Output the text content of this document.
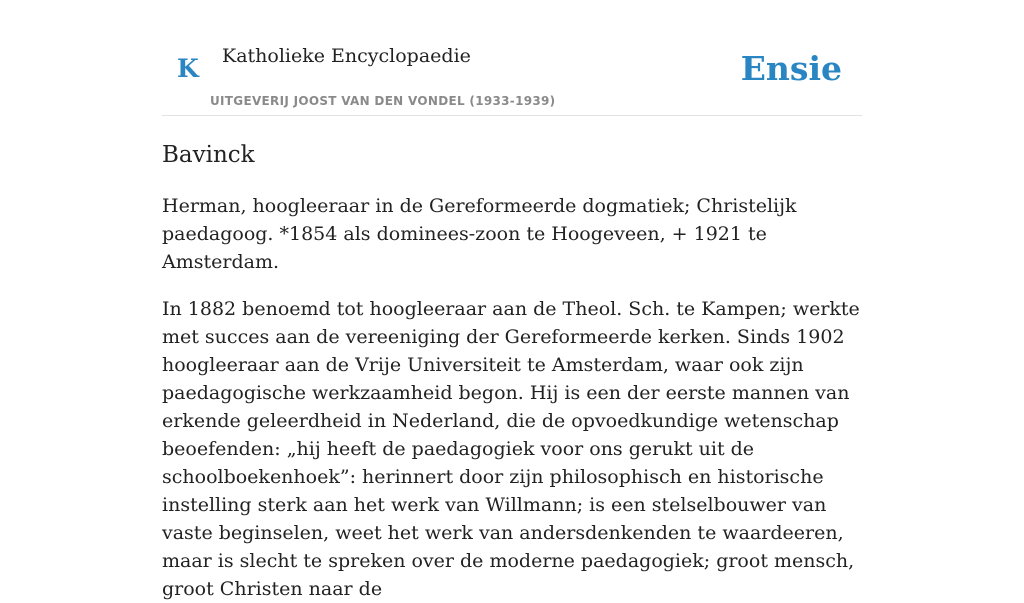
K Katholieke Encyclopaedie
UITGEVERIJ JOOST VAN DEN VONDEL (1933-1939)
Ensie
Bavinck

Herman, hoogleeraar in de Gereformeerde dogmatiek; Christelijk paedagoog. *1854 als dominees-zoon te Hoogeveen, + 1921 te Amsterdam.

In 1882 benoemd tot hoogleeraar aan de Theol. Sch. te Kampen; werkte met succes aan de vereeniging der Gereformeerde kerken. Sinds 1902 hoogleeraar aan de Vrije Universiteit te Amsterdam, waar ook zijn paedagogische werkzaamheid begon. Hij is een der eerste mannen van erkende geleerdheid in Nederland, die de opvoedkundige wetenschap beoefenden: „hij heeft de paedagogiek voor ons gerukt uit de schoolboekenhoek”: herinnert door zijn philosophisch en historische instelling sterk aan het werk van Willmann; is een stelselbouwer van vaste beginselen, weet het werk van andersdenkenden te waardeeren, maar is slecht te spreken over de moderne paedagogiek; groot mensch, groot Christen naar de
